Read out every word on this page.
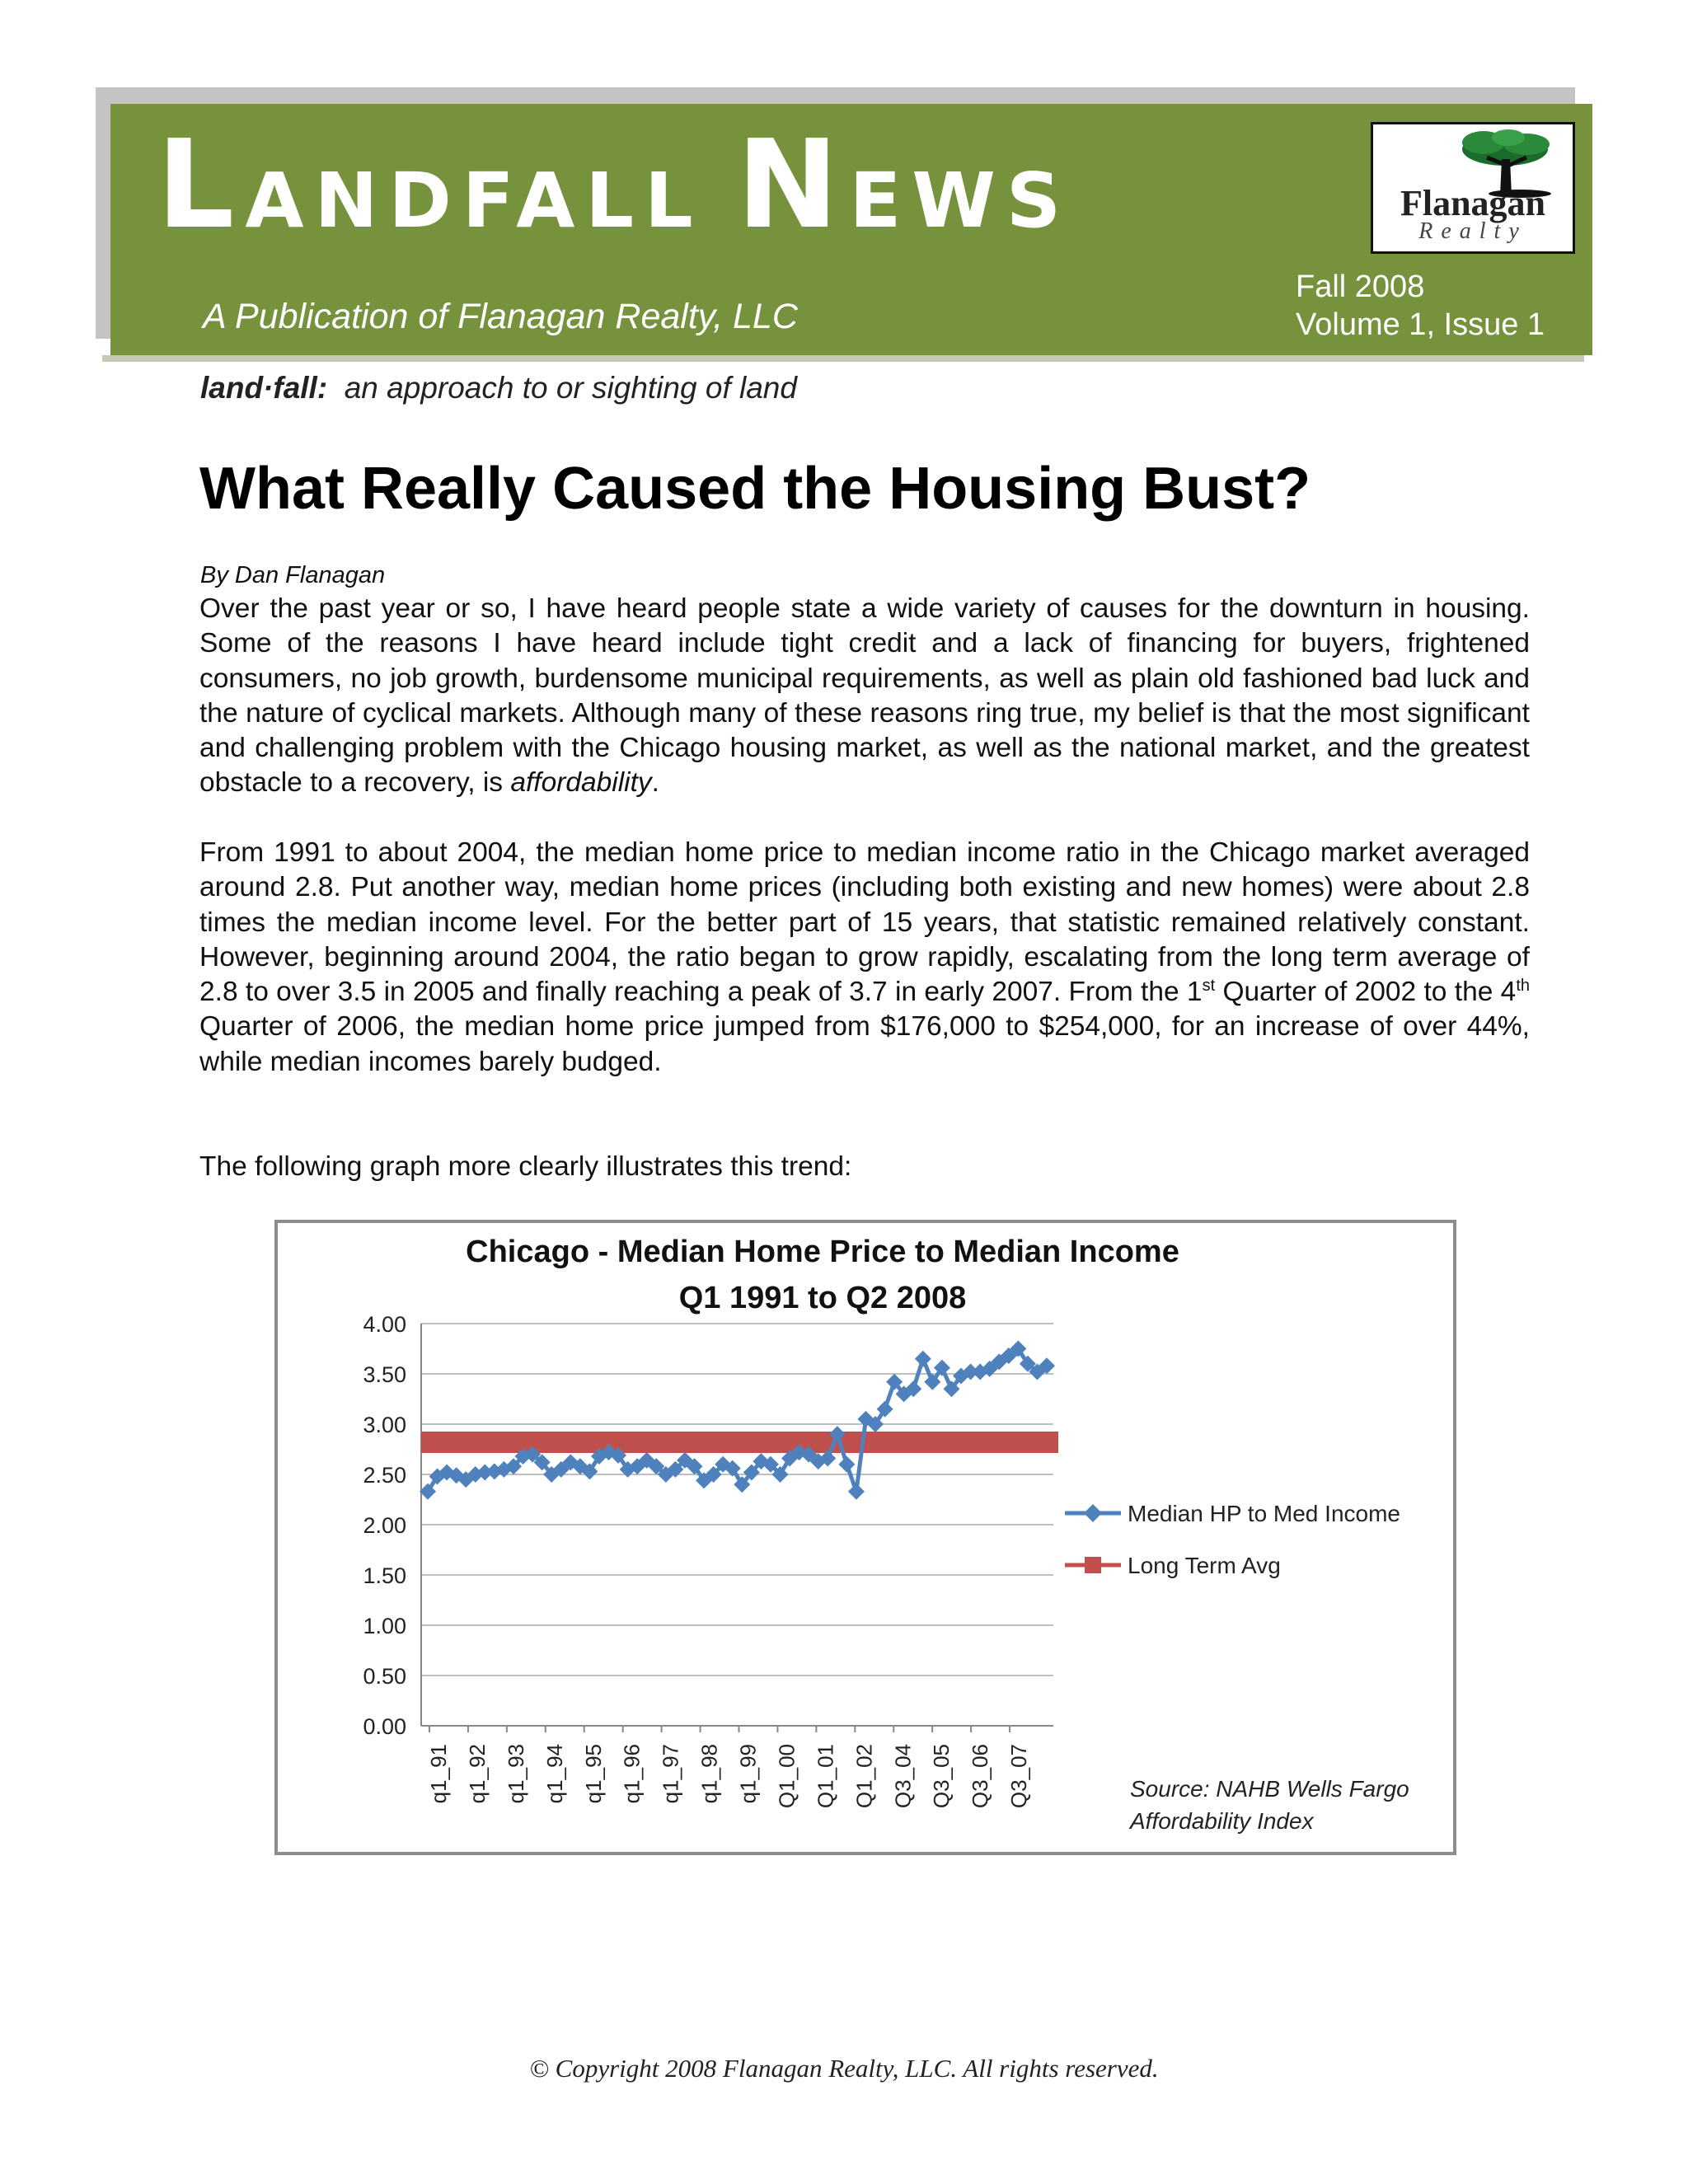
LANDFALL NEWS
A Publication of Flanagan Realty, LLC
Fall 2008
Volume 1, Issue 1
Flanagan
Realty
land·fall: an approach to or sighting of land
What Really Caused the Housing Bust?
By Dan Flanagan
Over the past year or so, I have heard people state a wide variety of causes for the downturn in housing. Some of the reasons I have heard include tight credit and a lack of financing for buyers, frightened consumers, no job growth, burdensome municipal requirements, as well as plain old fashioned bad luck and the nature of cyclical markets. Although many of these reasons ring true, my belief is that the most significant and challenging problem with the Chicago housing market, as well as the national market, and the greatest obstacle to a recovery, is affordability.
From 1991 to about 2004, the median home price to median income ratio in the Chicago market averaged around 2.8. Put another way, median home prices (including both existing and new homes) were about 2.8 times the median income level. For the better part of 15 years, that statistic remained relatively constant. However, beginning around 2004, the ratio began to grow rapidly, escalating from the long term average of 2.8 to over 3.5 in 2005 and finally reaching a peak of 3.7 in early 2007. From the 1st Quarter of 2002 to the 4th Quarter of 2006, the median home price jumped from $176,000 to $254,000, for an increase of over 44%, while median incomes barely budged.
The following graph more clearly illustrates this trend:
Chicago - Median Home Price to Median Income
Q1 1991 to Q2 2008
0.00
0.50
1.00
1.50
2.00
2.50
3.00
3.50
4.00
q1_91 q1_92 q1_93 q1_94 q1_95 q1_96 q1_97 q1_98 q1_99 Q1_00 Q1_01 Q1_02 Q3_04 Q3_05 Q3_06 Q3_07
Median HP to Med Income
Long Term Avg
Source: NAHB Wells Fargo
Affordability Index
© Copyright 2008 Flanagan Realty, LLC. All rights reserved.
